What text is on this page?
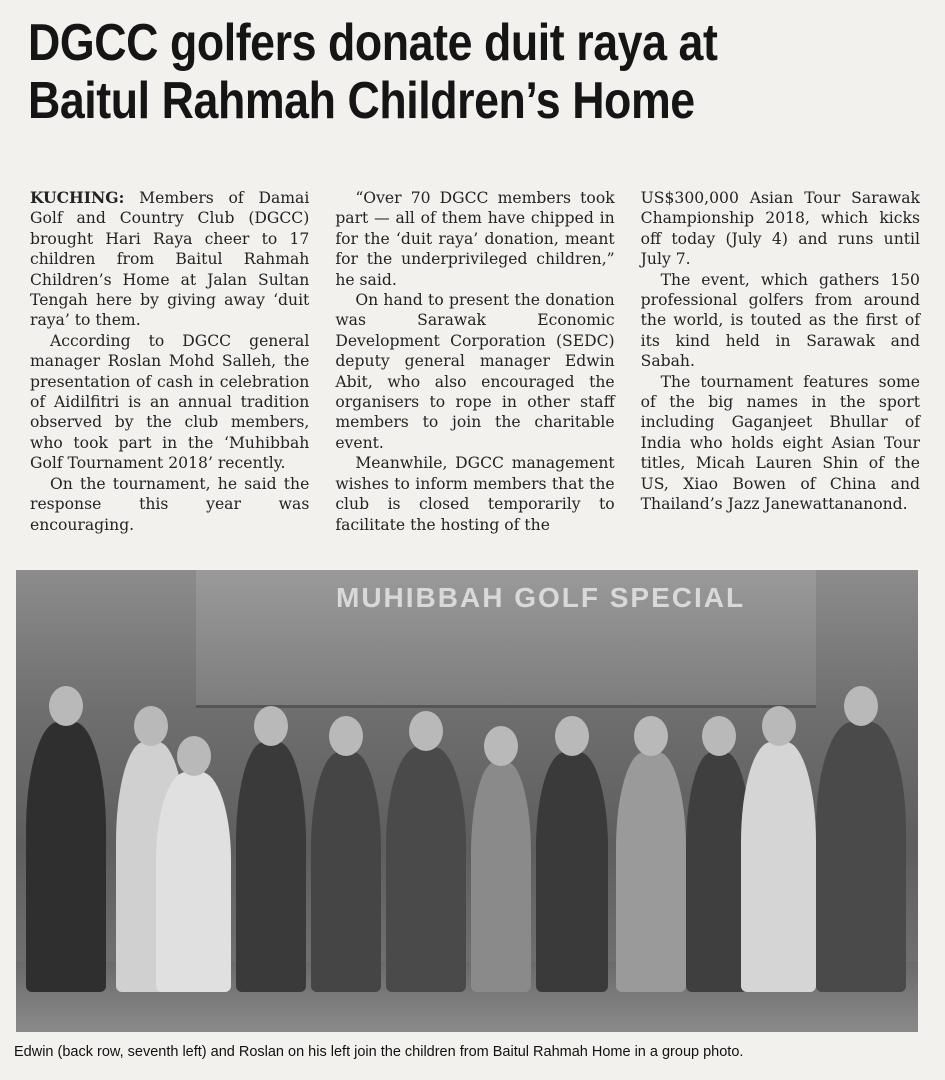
DGCC golfers donate duit raya at
Baitul Rahmah Children’s Home

KUCHING: Members of Damai Golf and Country Club (DGCC) brought Hari Raya cheer to 17 children from Baitul Rahmah Children’s Home at Jalan Sultan Tengah here by giving away ‘duit raya’ to them.

According to DGCC general manager Roslan Mohd Salleh, the presentation of cash in celebration of Aidilfitri is an annual tradition observed by the club members, who took part in the ‘Muhibbah Golf Tournament 2018’ recently.

On the tournament, he said the response this year was encouraging.

“Over 70 DGCC members took part — all of them have chipped in for the ‘duit raya’ donation, meant for the underprivileged children,” he said.

On hand to present the donation was Sarawak Economic Development Corporation (SEDC) deputy general manager Edwin Abit, who also encouraged the organisers to rope in other staff members to join the charitable event.

Meanwhile, DGCC management wishes to inform members that the club is closed temporarily to facilitate the hosting of the

US$300,000 Asian Tour Sarawak Championship 2018, which kicks off today (July 4) and runs until July 7.

The event, which gathers 150 professional golfers from around the world, is touted as the first of its kind held in Sarawak and Sabah.

The tournament features some of the big names in the sport including Gaganjeet Bhullar of India who holds eight Asian Tour titles, Micah Lauren Shin of the US, Xiao Bowen of China and Thailand’s Jazz Janewattananond.

MUHIBBAH GOLF SPECIAL
Edwin (back row, seventh left) and Roslan on his left join the children from Baitul Rahmah Home in a group photo.
